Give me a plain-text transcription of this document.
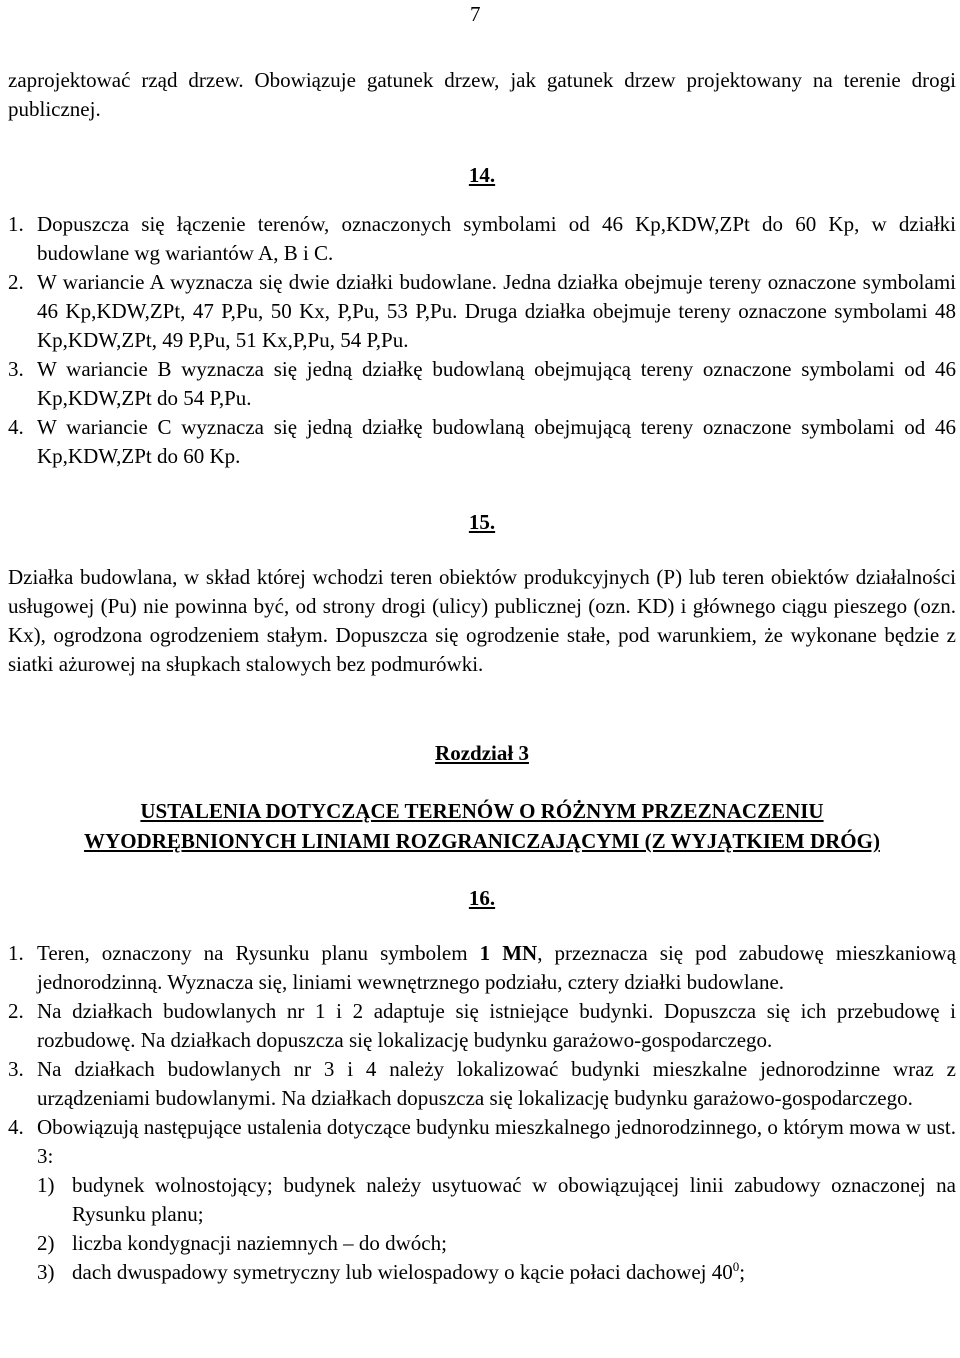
7

zaprojektować rząd drzew. Obowiązuje gatunek drzew, jak gatunek drzew projektowany na terenie drogi publicznej.

14.

1. Dopuszcza się łączenie terenów, oznaczonych symbolami od 46 Kp,KDW,ZPt do 60 Kp, w działki budowlane wg wariantów A, B i C.
2. W wariancie A wyznacza się dwie działki budowlane. Jedna działka obejmuje tereny oznaczone symbolami 46 Kp,KDW,ZPt, 47 P,Pu, 50 Kx, P,Pu, 53 P,Pu. Druga działka obejmuje tereny oznaczone symbolami 48 Kp,KDW,ZPt, 49 P,Pu, 51 Kx,P,Pu, 54 P,Pu.
3. W wariancie B wyznacza się jedną działkę budowlaną obejmującą tereny oznaczone symbolami od 46 Kp,KDW,ZPt do 54 P,Pu.
4. W wariancie C wyznacza się jedną działkę budowlaną obejmującą tereny oznaczone symbolami od 46 Kp,KDW,ZPt do 60 Kp.

15.

Działka budowlana, w skład której wchodzi teren obiektów produkcyjnych (P) lub teren obiektów działalności usługowej (Pu) nie powinna być, od strony drogi (ulicy) publicznej (ozn. KD) i głównego ciągu pieszego (ozn. Kx), ogrodzona ogrodzeniem stałym. Dopuszcza się ogrodzenie stałe, pod warunkiem, że wykonane będzie z siatki ażurowej na słupkach stalowych bez podmurówki.

Rozdział 3

USTALENIA DOTYCZĄCE TERENÓW O RÓŻNYM PRZEZNACZENIU

WYODRĘBNIONYCH LINIAMI ROZGRANICZAJĄCYMI (Z WYJĄTKIEM DRÓG)

16.

1. Teren, oznaczony na Rysunku planu symbolem 1 MN, przeznacza się pod zabudowę mieszkaniową jednorodzinną. Wyznacza się, liniami wewnętrznego podziału, cztery działki budowlane.
2. Na działkach budowlanych nr 1 i 2 adaptuje się istniejące budynki. Dopuszcza się ich przebudowę i rozbudowę. Na działkach dopuszcza się lokalizację budynku garażowo-gospodarczego.
3. Na działkach budowlanych nr 3 i 4 należy lokalizować budynki mieszkalne jednorodzinne wraz z urządzeniami budowlanymi. Na działkach dopuszcza się lokalizację budynku garażowo-gospodarczego.
4. Obowiązują następujące ustalenia dotyczące budynku mieszkalnego jednorodzinnego, o którym mowa w ust. 3:
1) budynek wolnostojący; budynek należy usytuować w obowiązującej linii zabudowy oznaczonej na Rysunku planu;
2) liczba kondygnacji naziemnych – do dwóch;
3) dach dwuspadowy symetryczny lub wielospadowy o kącie połaci dachowej $40^0$;
